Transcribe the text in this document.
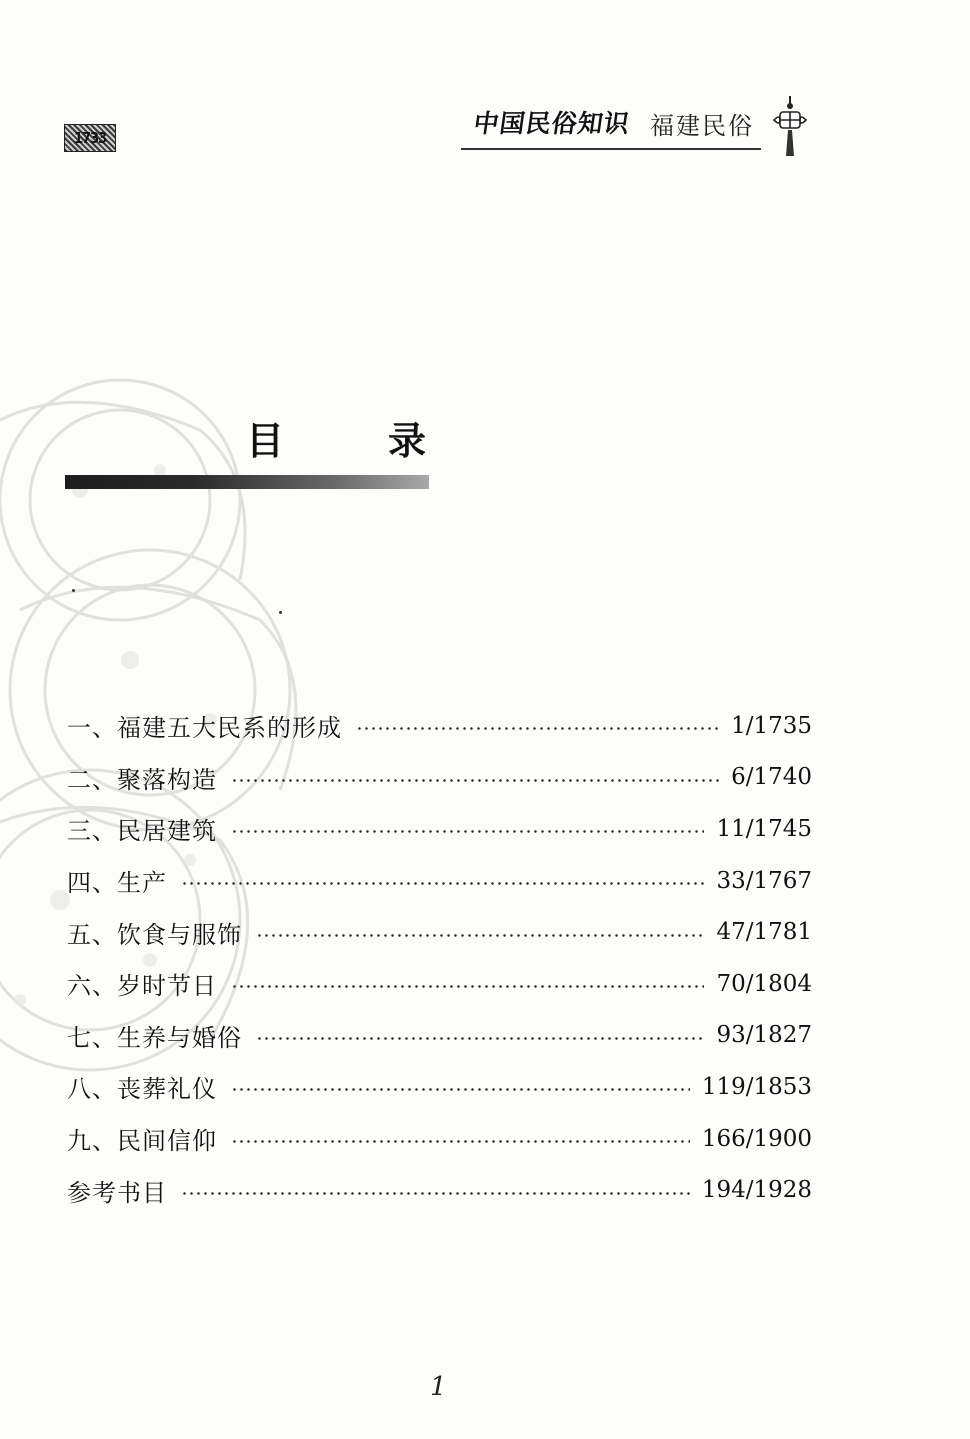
1733	中国民俗知识 福建民俗
目	录
一、福建五大民系的形成	1/1735
二、聚落构造	6/1740
三、民居建筑	11/1745
四、生产	33/1767
五、饮食与服饰	47/1781
六、岁时节日	70/1804
七、生养与婚俗	93/1827
八、丧葬礼仪	119/1853
九、民间信仰	166/1900
参考书目	194/1928
1
